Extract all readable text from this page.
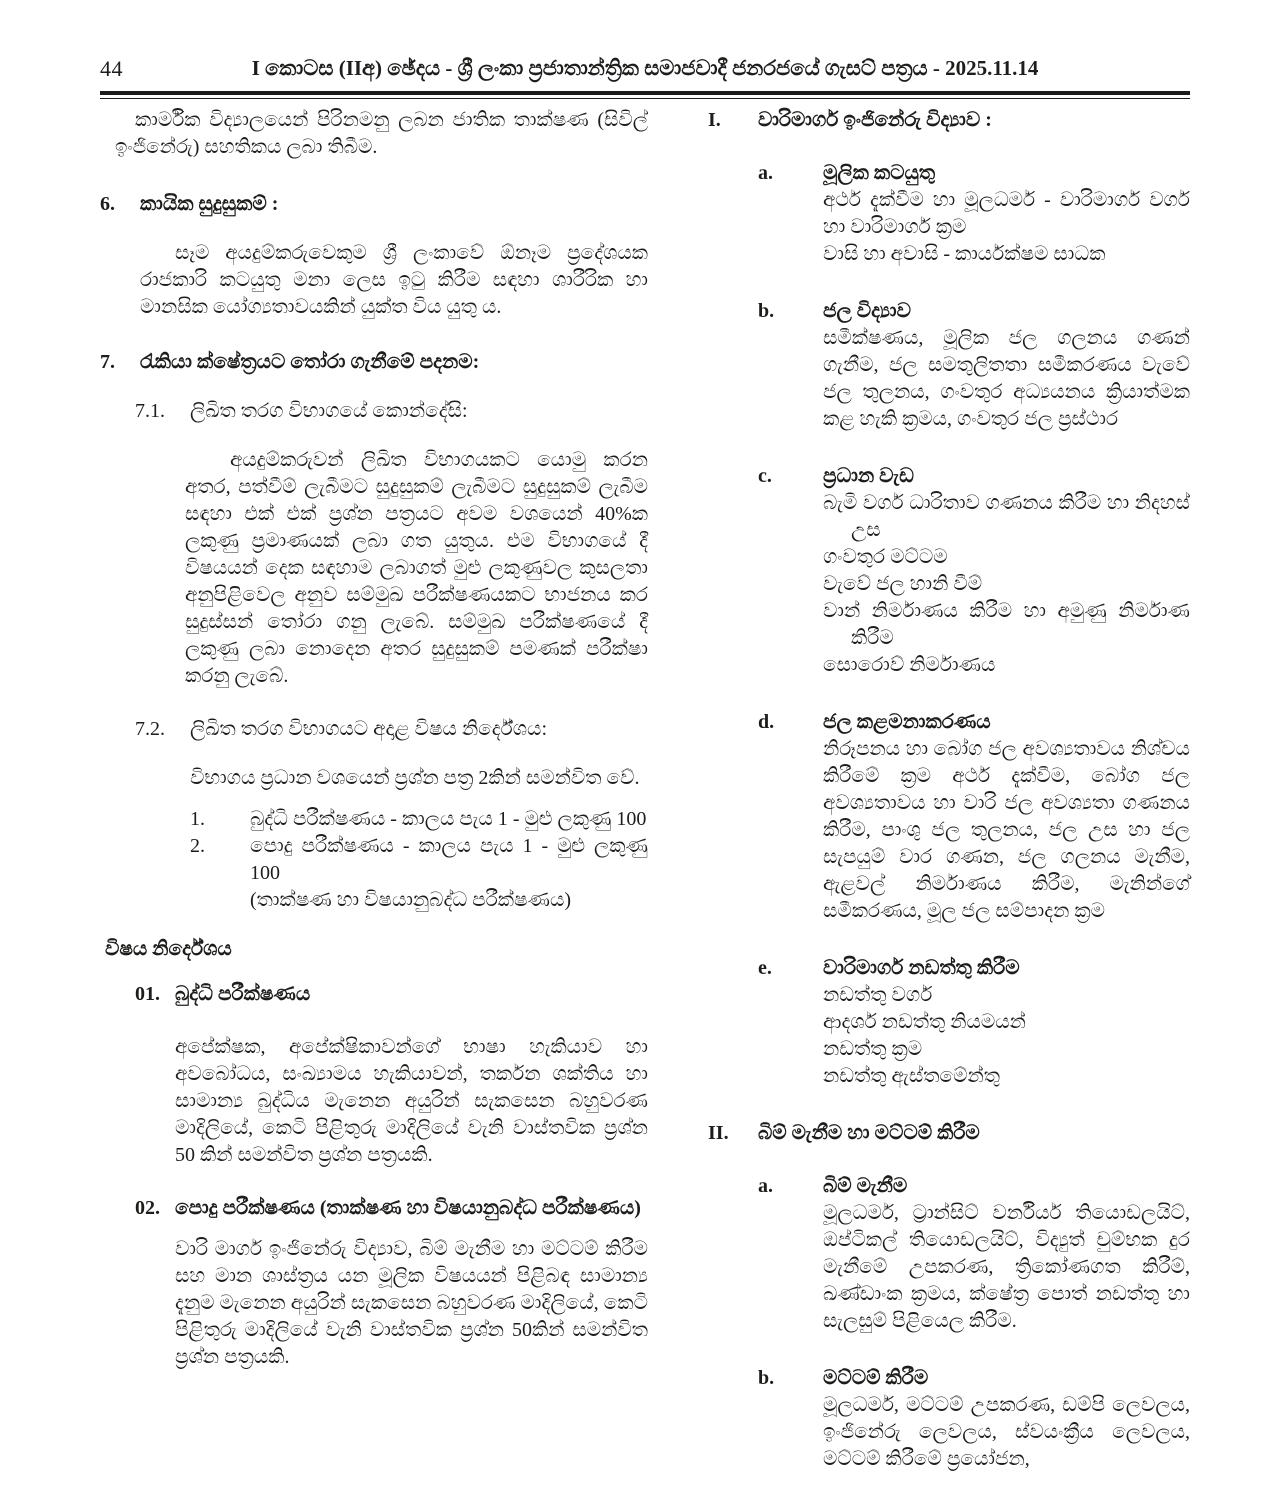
44	I කොටස (IIඅ) ඡේදය - ශ්‍රී ලංකා ප්‍රජාතාන්ත්‍රික සමාජවාදී ජනරජයේ ගැසට් පත්‍රය - 2025.11.14

කාර්මික විද්‍යාලයෙන් පිරිනමනු ලබන ජාතික තාක්ෂණ (සිවිල් ඉංජිනේරු) සහතිකය ලබා තිබීම.

6.	කායික සුදුසුකම් :

සෑම අයදුම්කරුවෙකුම ශ්‍රී ලංකාවේ ඕනෑම ප්‍රදේශයක රාජකාරි කටයුතු මනා ලෙස ඉටු කිරීම සඳහා ශාරීරික හා මානසික යෝග්‍යතාවයකින් යුක්ත විය යුතු ය.

7.	රැකියා ක්ෂේත්‍රයට තෝරා ගැනීමේ පදනම:
7.1.	ලිඛිත තරග විභාගයේ කොන්දේසි:

අයදුම්කරුවන් ලිඛිත විභාගයකට යොමු කරන අතර, පත්වීම් ලැබීමට සුදුසුකම් ලැබීමට සුදුසුකම් ලැබීම සඳහා එක් එක් ප්‍රශ්න පත්‍රයට අවම වශයෙන් 40%ක ලකුණු ප්‍රමාණයක් ලබා ගත යුතුය. එම විභාගයේ දී විෂයයන් දෙක සඳහාම ලබාගත් මුළු ලකුණුවල කුසලතා අනුපිළිවෙල අනුව සම්මුඛ පරීක්ෂණයකට භාජනය කර සුදුස්සන් තෝරා ගනු ලැබේ. සම්මුඛ පරීක්ෂණයේ දී ලකුණු ලබා නොදෙන අතර සුදුසුකම් පමණක් පරීක්ෂා කරනු ලැබේ.

7.2.	ලිඛිත තරග විභාගයට අදාළ විෂය නිර්දේශය:

විභාගය ප්‍රධාන වශයෙන් ප්‍රශ්න පත්‍ර 2කින් සමන්විත වේ.

1.	බුද්ධි පරීක්ෂණය - කාලය පැය 1 - මුළු ලකුණු 100
2.	පොදු පරීක්ෂණය - කාලය පැය 1 - මුළු ලකුණු 100
(තාක්ෂණ හා විෂයානුබද්ධ පරීක්ෂණය)
විෂය නිර්දේශය
01. බුද්ධි පරීක්ෂණය

අපේක්ෂක, අපේක්ෂිකාවන්ගේ භාෂා හැකියාව හා අවබෝධය, සංඛ්‍යාමය හැකියාවන්, තර්කන ශක්තිය හා සාමාන්‍ය බුද්ධිය මැනෙන අයුරින් සැකසෙන බහුවරණ මාදිලියේ, කෙටි පිළිතුරු මාදිලියේ වැනි වාස්තවික ප්‍රශ්න 50 කින් සමන්විත ප්‍රශ්න පත්‍රයකි.

02. පොදු පරීක්ෂණය (තාක්ෂණ හා විෂයානුබද්ධ පරීක්ෂණය)

වාරි මාර්ග ඉංජිනේරු විද්‍යාව, බිම් මැනීම හා මට්ටම් කිරීම සහ මාන ශාස්ත්‍රය යන මූලික විෂයයන් පිළිබඳ සාමාන්‍ය දැනුම මැනෙන අයුරින් සැකසෙන බහුවරණ මාදිලියේ, කෙටි පිළිතුරු මාදිලියේ වැනි වාස්තවික ප්‍රශ්න 50කින් සමන්විත ප්‍රශ්න පත්‍රයකි.

I.	වාරිමාර්ග ඉංජිනේරු විද්‍යාව :
a.	මූලික කටයුතු
අර්ථ දැක්වීම හා මූලධර්ම - වාරිමාර්ග වර්ග හා වාරිමාර්ග ක්‍රම
වාසි හා අවාසි - කාර්යක්ෂම සාධක
b.	ජල විද්‍යාව

සමීක්ෂණය, මූලික ජල ගලනය ගණන් ගැනීම, ජල සමතුලිතතා සමීකරණය වැවේ ජල තුලනය, ගංවතුර අධ්‍යයනය ක්‍රියාත්මක කළ හැකි ක්‍රමය, ගංවතුර ජල ප්‍රස්ථාර

c.	ප්‍රධාන වැඩ
බැමි වර්ග ධාරිතාව ගණනය කිරීම හා නිදහස් උස
ගංවතුර මට්ටම
වැවේ ජල හානි වීම්
වාන් නිර්මාණය කිරීම හා අමුණු නිර්මාණ කිරීම
සොරොව් නිර්මාණය
d.	ජල කළමනාකරණය

නිරූපනය හා බෝග ජල අවශ්‍යතාවය නිශ්චය කිරීමේ ක්‍රම අර්ථ දැක්වීම, බෝග ජල අවශ්‍යතාවය හා වාරි ජල අවශ්‍යතා ගණනය කිරීම, පාංශු ජල තුලනය, ජල උස හා ජල සැපයුම් වාර ගණන, ජල ගලනය මැනීම, ඇළවල් නිර්මාණය කිරීම, මැනින්ගේ සමීකරණය, මූල ජල සම්පාදන ක්‍රම

e.	වාරිමාර්ග නඩත්තු කිරීම
නඩත්තු වර්ග
ආදර්ශ නඩත්තු නියමයන්
නඩත්තු ක්‍රම
නඩත්තු ඇස්තමේන්තු
II.	බිම් මැනීම හා මට්ටම් කිරීම
a.	බිම් මැනීම

මූලධර්ම, ට්‍රාන්සිට් වර්නියර් තියොඩලයිට්, ඔප්ටිකල් තියොඩලයිට්, විද්‍යුත් චුම්භක දුර මැනීමේ උපකරණ, ත්‍රිකෝණගත කිරීම්, ඛණ්ඩාංක ක්‍රමය, ක්ෂේත්‍ර පොත් නඩත්තු හා සැලසුම් පිළියෙල කිරීම.

b.	මට්ටම් කිරීම

මූලධර්ම, මට්ටම් උපකරණ, ඩම්පි ලෙවලය, ඉංජිනේරු ලෙවලය, ස්වයංක්‍රීය ලෙවලය, මට්ටම් කිරීමේ ප්‍රයෝජන,
